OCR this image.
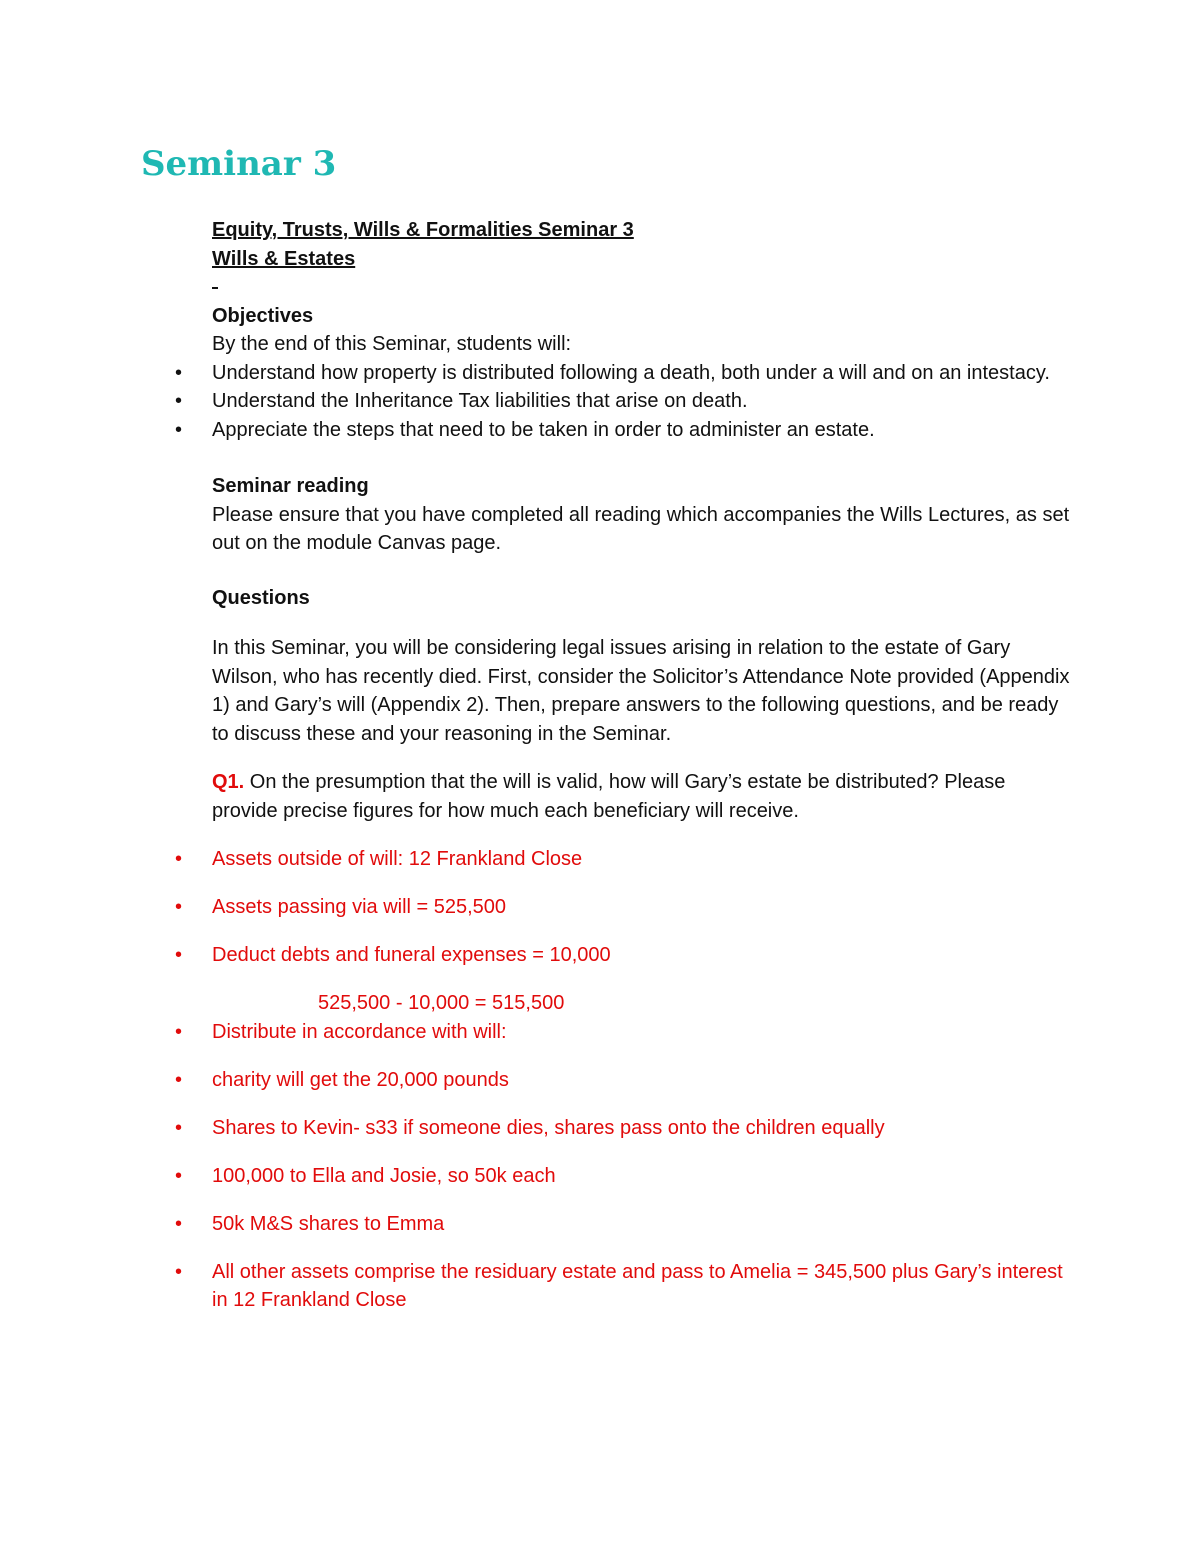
Seminar 3

Equity, Trusts, Wills & Formalities Seminar 3

Wills & Estates

Objectives

By the end of this Seminar, students will:

• Understand how property is distributed following a death, both under a will and on an intestacy.
• Understand the Inheritance Tax liabilities that arise on death.
• Appreciate the steps that need to be taken in order to administer an estate.

Seminar reading

Please ensure that you have completed all reading which accompanies the Wills Lectures, as set out on the module Canvas page.

Questions

In this Seminar, you will be considering legal issues arising in relation to the estate of Gary Wilson, who has recently died. First, consider the Solicitor’s Attendance Note provided (Appendix 1) and Gary’s will (Appendix 2). Then, prepare answers to the following questions, and be ready to discuss these and your reasoning in the Seminar.

Q1. On the presumption that the will is valid, how will Gary’s estate be distributed? Please provide precise figures for how much each beneficiary will receive.

• Assets outside of will: 12 Frankland Close
• Assets passing via will = 525,500
• Deduct debts and funeral expenses = 10,000

525,500 - 10,000 = 515,500

• Distribute in accordance with will:
• charity will get the 20,000 pounds
• Shares to Kevin- s33 if someone dies, shares pass onto the children equally
• 100,000 to Ella and Josie, so 50k each
• 50k M&S shares to Emma
• All other assets comprise the residuary estate and pass to Amelia = 345,500 plus Gary’s interest in 12 Frankland Close
